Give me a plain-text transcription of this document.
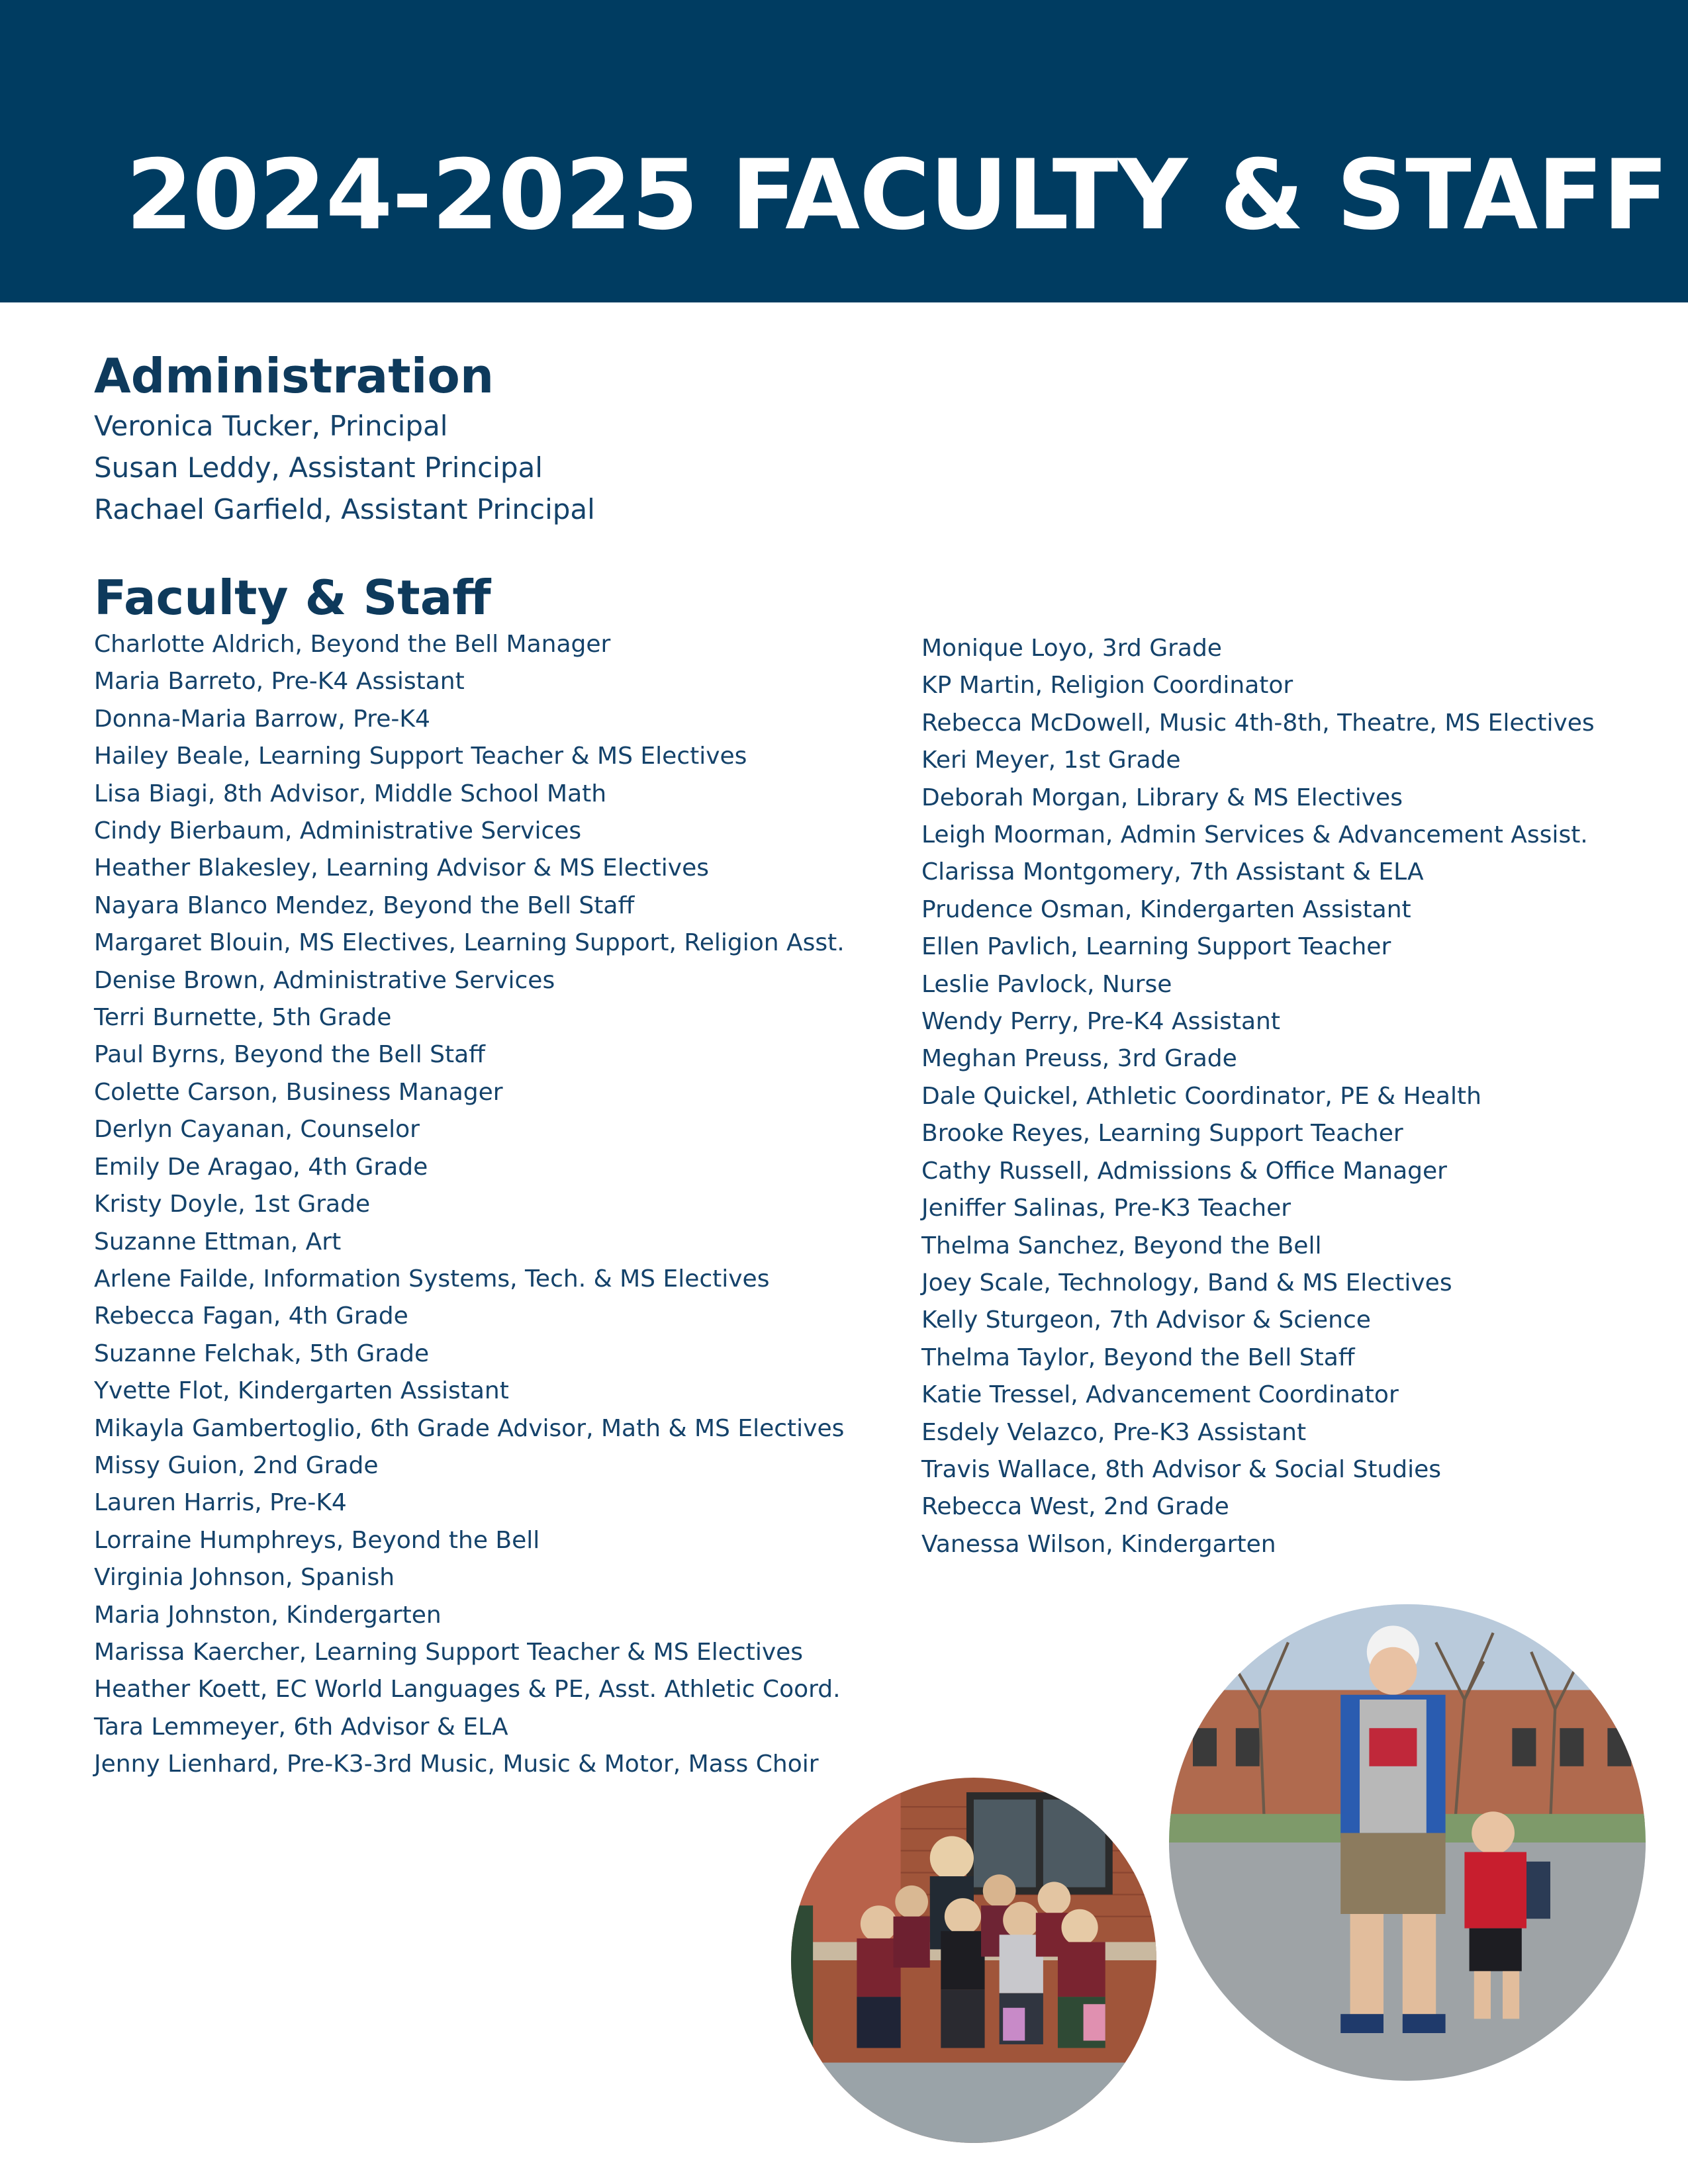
2024-2025 FACULTY & STAFF
Administration
Veronica Tucker, Principal
Susan Leddy, Assistant Principal
Rachael Garfield, Assistant Principal
Faculty & Staff
Charlotte Aldrich, Beyond the Bell Manager
Maria Barreto, Pre-K4 Assistant
Donna-Maria Barrow, Pre-K4
Hailey Beale, Learning Support Teacher & MS Electives
Lisa Biagi, 8th Advisor, Middle School Math
Cindy Bierbaum, Administrative Services
Heather Blakesley, Learning Advisor & MS Electives
Nayara Blanco Mendez, Beyond the Bell Staff
Margaret Blouin, MS Electives, Learning Support, Religion Asst.
Denise Brown, Administrative Services
Terri Burnette, 5th Grade
Paul Byrns, Beyond the Bell Staff
Colette Carson, Business Manager
Derlyn Cayanan, Counselor
Emily De Aragao, 4th Grade
Kristy Doyle, 1st Grade
Suzanne Ettman, Art
Arlene Failde, Information Systems, Tech. & MS Electives
Rebecca Fagan, 4th Grade
Suzanne Felchak, 5th Grade
Yvette Flot, Kindergarten Assistant
Mikayla Gambertoglio, 6th Grade Advisor, Math & MS Electives
Missy Guion, 2nd Grade
Lauren Harris, Pre-K4
Lorraine Humphreys, Beyond the Bell
Virginia Johnson, Spanish
Maria Johnston, Kindergarten
Marissa Kaercher, Learning Support Teacher & MS Electives
Heather Koett, EC World Languages & PE, Asst. Athletic Coord.
Tara Lemmeyer, 6th Advisor & ELA
Jenny Lienhard, Pre-K3-3rd Music, Music & Motor, Mass Choir
Monique Loyo, 3rd Grade
KP Martin, Religion Coordinator
Rebecca McDowell, Music 4th-8th, Theatre, MS Electives
Keri Meyer, 1st Grade
Deborah Morgan, Library & MS Electives
Leigh Moorman, Admin Services & Advancement Assist.
Clarissa Montgomery, 7th Assistant & ELA
Prudence Osman, Kindergarten Assistant
Ellen Pavlich, Learning Support Teacher
Leslie Pavlock, Nurse
Wendy Perry, Pre-K4 Assistant
Meghan Preuss, 3rd Grade
Dale Quickel, Athletic Coordinator, PE & Health
Brooke Reyes, Learning Support Teacher
Cathy Russell, Admissions & Office Manager
Jeniffer Salinas, Pre-K3 Teacher
Thelma Sanchez, Beyond the Bell
Joey Scale, Technology, Band & MS Electives
Kelly Sturgeon, 7th Advisor & Science
Thelma Taylor, Beyond the Bell Staff
Katie Tressel, Advancement Coordinator
Esdely Velazco, Pre-K3 Assistant
Travis Wallace, 8th Advisor & Social Studies
Rebecca West, 2nd Grade
Vanessa Wilson, Kindergarten
